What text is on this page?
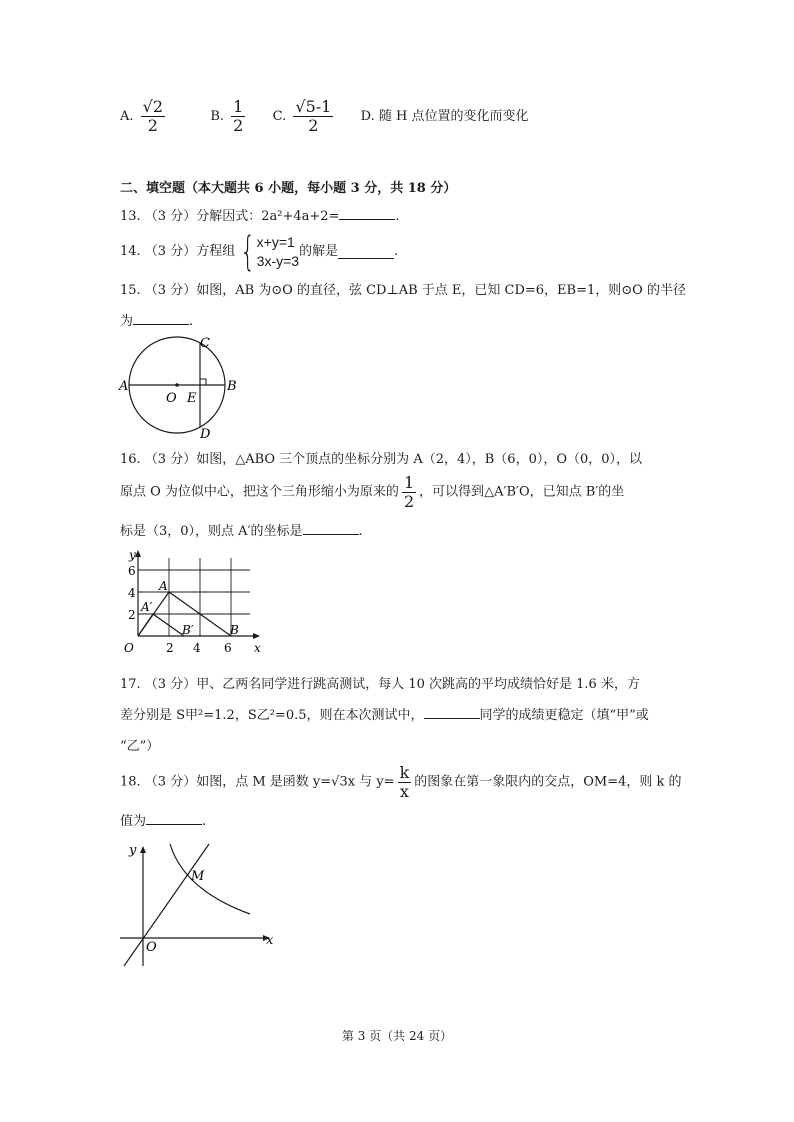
A. $\frac{√2}{2}$	B. $\frac{1}{2} C$. $\frac{√5-1}{2} D$. 随 H 点位置的变化而变化
二、填空题（本大题共 6 小题，每小题 3 分，共 18 分）
13. （3 分）分解因式：2a²+4a+2=	.
14. （3 分）方程组 { x+y=1
3x-y=3
的解是	.
15. （3 分）如图，AB 为⊙O 的直径，弦 CD⊥AB 于点 E，已知 CD=6，EB=1，则⊙O 的半径
为	.
A	B
C
D
O E
16. （3 分）如图，△ABO 三个顶点的坐标分别为 A（2，4），B（6，0），O（0，0），以
原点 O 为位似中心，把这个三角形缩小为原来的 $\frac{1}{2}$ ，可以得到△A′B′O，已知点 B′的坐
标是（3，0），则点 A′的坐标是	.
y
x
O
6
4
2
2 4 6
A
A′
B′	B
17. （3 分）甲、乙两名同学进行跳高测试，每人 10 次跳高的平均成绩恰好是 1.6 米，方
差分别是 S甲²=1.2，S乙²=0.5，则在本次测试中，	同学的成绩更稳定（填“甲”或
“乙”）
18. （3 分）如图，点 M 是函数 y=√3x 与 $y= \frac{k}{x}$ 的图象在第一象限内的交点，OM=4，则 k 的
值为	.
y
x
O
M
第 3 页（共 24 页）
